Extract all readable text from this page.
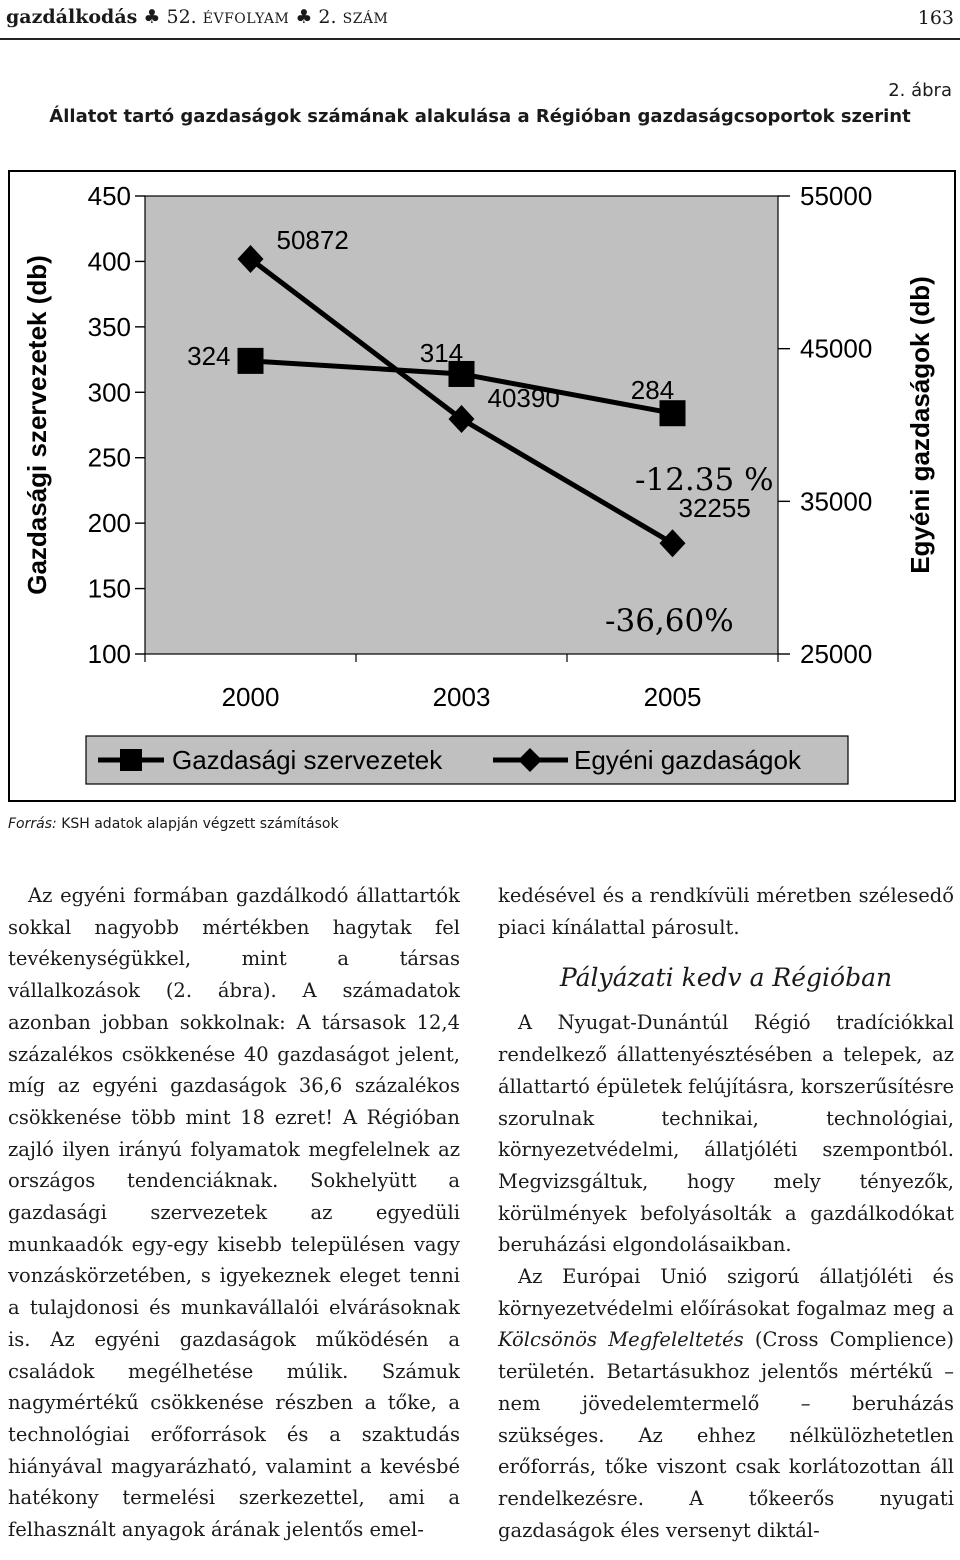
gazdálkodás ♣ 52. ÉVFOLYAM ♣ 2. SZÁM	163
2. ábra
Állatot tartó gazdaságok számának alakulása a Régióban gazdaságcsoportok szerint
100
150
200
250
300
350
400
450
25000
35000
45000
55000
2000	2003	2005
Gazdasági szervezetek (db)	Egyéni gazdaságok (db)
324	314
284
50872
40390
32255
-12.35 %
-36,60%
Gazdasági szervezetek	Egyéni gazdaságok
Forrás: KSH adatok alapján végzett számítások

Az egyéni formában gazdálkodó állattartók sokkal nagyobb mértékben hagytak fel tevékenységükkel, mint a társas vállalkozások (2. ábra). A számadatok azonban jobban sokkolnak: A társasok 12,4 százalékos csökkenése 40 gazdaságot jelent, míg az egyéni gazdaságok 36,6 százalékos csökkenése több mint 18 ezret! A Régióban zajló ilyen irányú folyamatok megfelelnek az országos tendenciáknak. Sokhelyütt a gazdasági szervezetek az egyedüli munkaadók egy-egy kisebb településen vagy vonzáskörzetében, s igyekeznek eleget tenni a tulajdonosi és munkavállalói elvárásoknak is. Az egyéni gazdaságok működésén a családok megélhetése múlik. Számuk nagymértékű csökkenése részben a tőke, a technológiai erőforrások és a szaktudás hiányával magyarázható, valamint a kevésbé hatékony termelési szerkezettel, ami a felhasznált anyagok árának jelentős emel-

kedésével és a rendkívüli méretben szélesedő piaci kínálattal párosult.

Pályázati kedv a Régióban

A Nyugat-Dunántúl Régió tradíciókkal rendelkező állattenyésztésében a telepek, az állattartó épületek felújításra, korszerűsítésre szorulnak technikai, technológiai, környezetvédelmi, állatjóléti szempontból. Megvizsgáltuk, hogy mely tényezők, körülmények befolyásolták a gazdálkodókat beruházási elgondolásaikban.

Az Európai Unió szigorú állatjóléti és környezetvédelmi előírásokat fogalmaz meg a Kölcsönös Megfeleltetés (Cross Complience) területén. Betartásukhoz jelentős mértékű – nem jövedelemtermelő – beruházás szükséges. Az ehhez nélkülözhetetlen erőforrás, tőke viszont csak korlátozottan áll rendelkezésre. A tőkeerős nyugati gazdaságok éles versenyt diktál-
